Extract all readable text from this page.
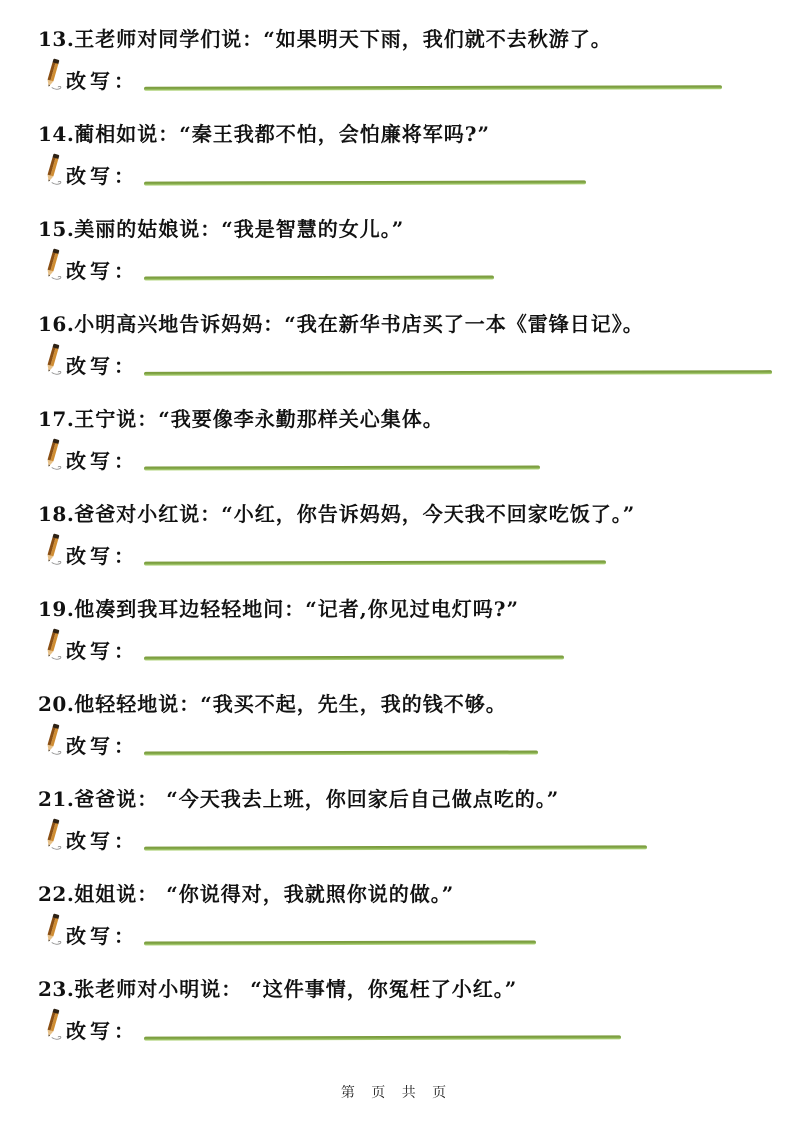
13.王老师对同学们说：“如果明天下雨，我们就不去秋游了。
改写：
14.蔺相如说：“秦王我都不怕，会怕廉将军吗?”
改写：
15.美丽的姑娘说：“我是智慧的女儿。”
改写：
16.小明高兴地告诉妈妈：“我在新华书店买了一本《雷锋日记》。
改写：
17.王宁说：“我要像李永勤那样关心集体。
改写：
18.爸爸对小红说：“小红，你告诉妈妈，今天我不回家吃饭了。”
改写：
19.他凑到我耳边轻轻地问：“记者,你见过电灯吗?”
改写：
20.他轻轻地说：“我买不起，先生，我的钱不够。
改写：
21.爸爸说： “今天我去上班，你回家后自己做点吃的。”
改写：
22.姐姐说： “你说得对，我就照你说的做。”
改写：
23.张老师对小明说： “这件事情，你冤枉了小红。”
改写：
第 页 共 页
